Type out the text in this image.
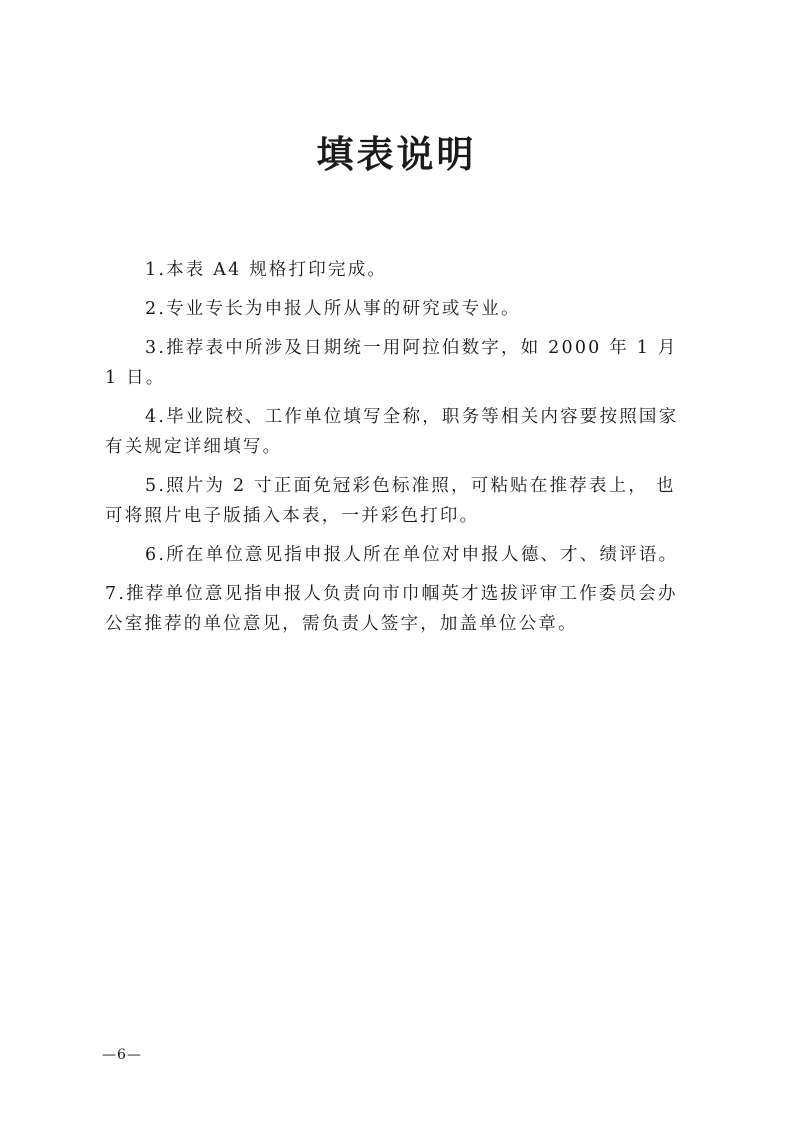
填表说明
1.本表 A4 规格打印完成。
2.专业专长为申报人所从事的研究或专业。
3.推荐表中所涉及日期统一用阿拉伯数字，如 2000 年 1 月 1 日。
4.毕业院校、工作单位填写全称，职务等相关内容要按照国家有关规定详细填写。
5.照片为 2 寸正面免冠彩色标准照，可粘贴在推荐表上， 也可将照片电子版插入本表，一并彩色打印。
6.所在单位意见指申报人所在单位对申报人德、才、绩评语。
7.推荐单位意见指申报人负责向市巾帼英才选拔评审工作委员会办公室推荐的单位意见，需负责人签字，加盖单位公章。
—6—
